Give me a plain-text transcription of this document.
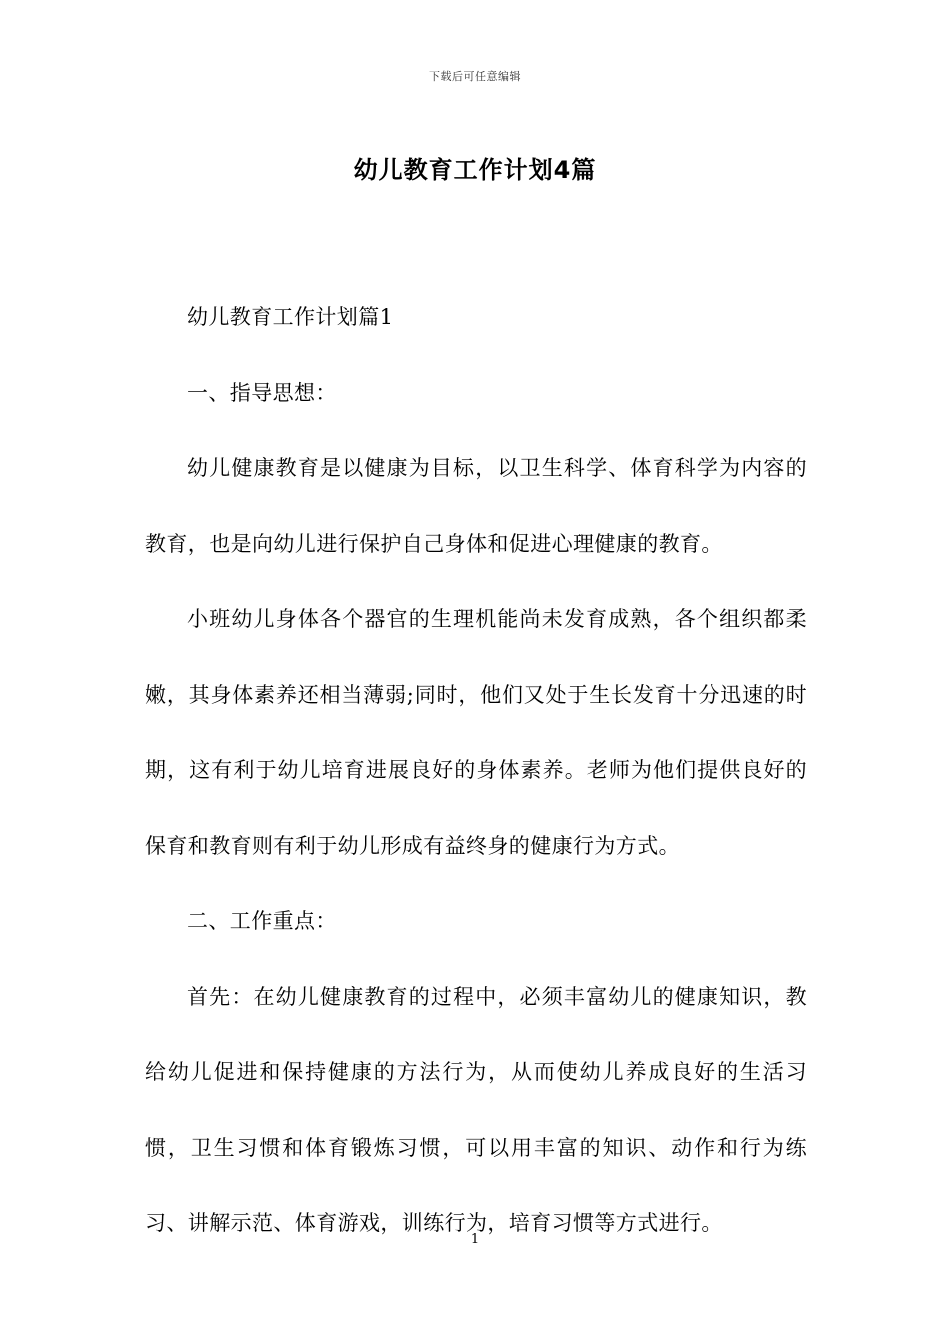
下载后可任意编辑
幼儿教育工作计划4篇

幼儿教育工作计划篇1

一、指导思想：

幼儿健康教育是以健康为目标，以卫生科学、体育科学为内容的教育，也是向幼儿进行保护自己身体和促进心理健康的教育。

小班幼儿身体各个器官的生理机能尚未发育成熟，各个组织都柔嫩，其身体素养还相当薄弱;同时，他们又处于生长发育十分迅速的时期，这有利于幼儿培育进展良好的身体素养。老师为他们提供良好的保育和教育则有利于幼儿形成有益终身的健康行为方式。

二、工作重点：

首先：在幼儿健康教育的过程中，必须丰富幼儿的健康知识，教给幼儿促进和保持健康的方法行为，从而使幼儿养成良好的生活习惯，卫生习惯和体育锻炼习惯，可以用丰富的知识、动作和行为练习、讲解示范、体育游戏，训练行为，培育习惯等方式进行。

1
